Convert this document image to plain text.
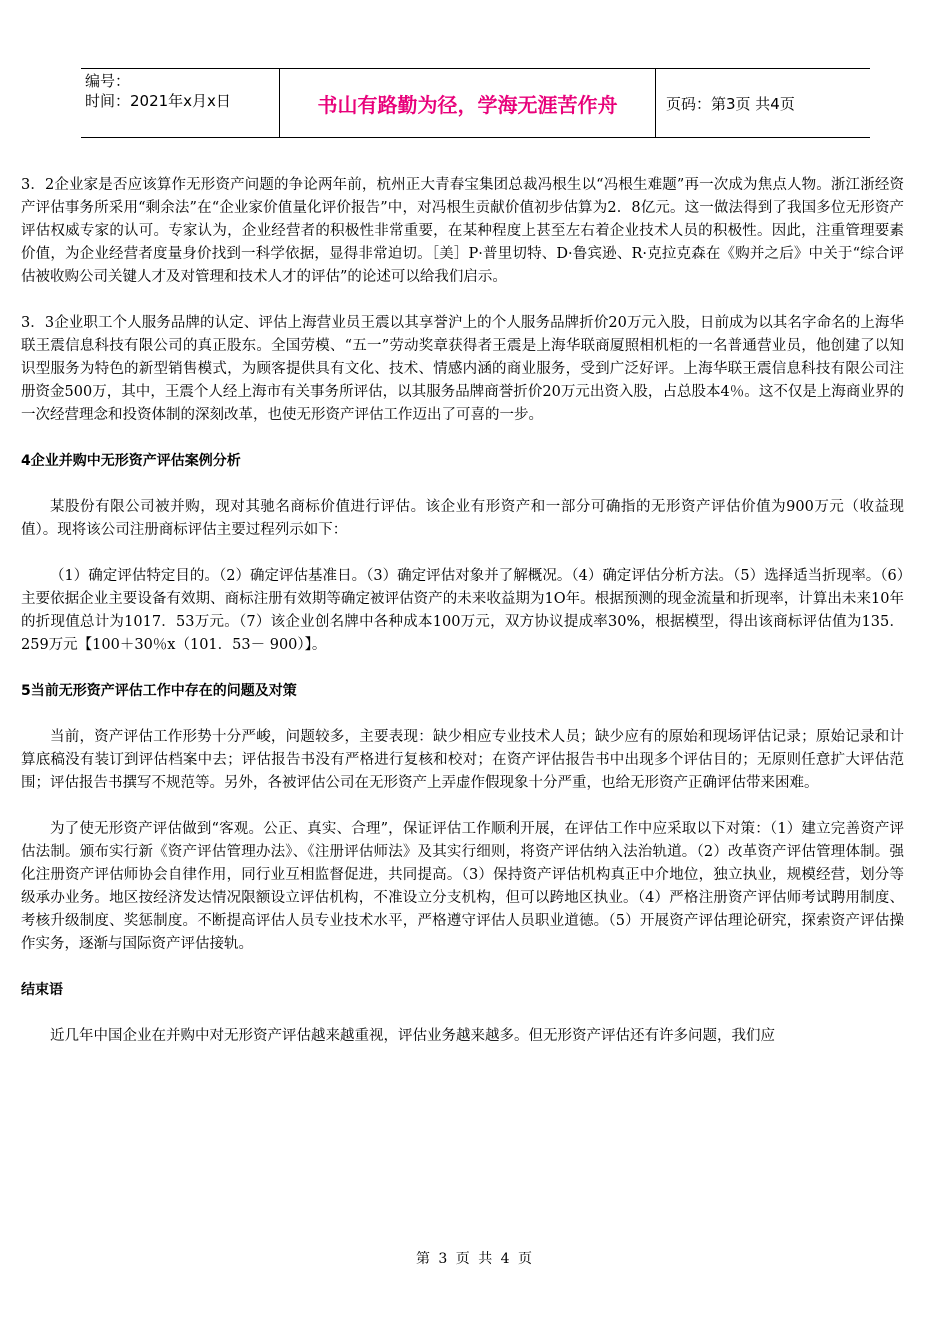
编号：
时间：2021年x月x日	书山有路勤为径，学海无涯苦作舟	页码：第3页 共4页

3．2企业家是否应该算作无形资产问题的争论两年前，杭州正大青春宝集团总裁冯根生以“冯根生难题”再一次成为焦点人物。浙江浙经资产评估事务所采用“剩余法”在“企业家价值量化评价报告”中，对冯根生贡献价值初步估算为2．8亿元。这一做法得到了我国多位无形资产评估权威专家的认可。专家认为，企业经营者的积极性非常重要，在某种程度上甚至左右着企业技术人员的积极性。因此，注重管理要素价值，为企业经营者度量身价找到一科学依据，显得非常迫切。［美］P·普里切特、D·鲁宾逊、R·克拉克森在《购并之后》中关于“综合评估被收购公司关键人才及对管理和技术人才的评估”的论述可以给我们启示。

3．3企业职工个人服务品牌的认定、评估上海营业员王震以其享誉沪上的个人服务品牌折价20万元入股，日前成为以其名字命名的上海华联王震信息科技有限公司的真正股东。全国劳模、“五一”劳动奖章获得者王震是上海华联商厦照相机柜的一名普通营业员，他创建了以知识型服务为特色的新型销售模式，为顾客提供具有文化、技术、情感内涵的商业服务，受到广泛好评。上海华联王震信息科技有限公司注册资金500万，其中，王震个人经上海市有关事务所评估，以其服务品牌商誉折价20万元出资入股，占总股本4％。这不仅是上海商业界的一次经营理念和投资体制的深刻改革，也使无形资产评估工作迈出了可喜的一步。

4企业并购中无形资产评估案例分析

某股份有限公司被并购，现对其驰名商标价值进行评估。该企业有形资产和一部分可确指的无形资产评估价值为900万元（收益现值）。现将该公司注册商标评估主要过程列示如下：

（1）确定评估特定目的。（2）确定评估基准日。（3）确定评估对象并了解概况。（4）确定评估分析方法。（5）选择适当折现率。（6）主要依据企业主要设备有效期、商标注册有效期等确定被评估资产的未来收益期为1O年。根据预测的现金流量和折现率，计算出未来10年的折现值总计为1017．53万元。（7）该企业创名牌中各种成本100万元，双方协议提成率30%，根据模型，得出该商标评估值为135．259万元【100＋30％x（101．53－ 900）】。

5当前无形资产评估工作中存在的问题及对策

当前，资产评估工作形势十分严峻，问题较多，主要表现：缺少相应专业技术人员；缺少应有的原始和现场评估记录；原始记录和计算底稿没有装订到评估档案中去；评估报告书没有严格进行复核和校对；在资产评估报告书中出现多个评估目的；无原则任意扩大评估范围；评估报告书撰写不规范等。另外，各被评估公司在无形资产上弄虚作假现象十分严重，也给无形资产正确评估带来困难。

为了使无形资产评估做到“客观。公正、真实、合理”，保证评估工作顺利开展，在评估工作中应采取以下对策：（1）建立完善资产评估法制。颁布实行新《资产评估管理办法》、《注册评估师法》及其实行细则，将资产评估纳入法治轨道。（2）改革资产评估管理体制。强化注册资产评估师协会自律作用，同行业互相监督促进，共同提高。（3）保持资产评估机构真正中介地位，独立执业，规模经营，划分等级承办业务。地区按经济发达情况限额设立评估机构，不准设立分支机构，但可以跨地区执业。（4）严格注册资产评估师考试聘用制度、考核升级制度、奖惩制度。不断提高评估人员专业技术水平，严格遵守评估人员职业道德。（5）开展资产评估理论研究，探索资产评估操作实务，逐渐与国际资产评估接轨。

结束语

近几年中国企业在并购中对无形资产评估越来越重视，评估业务越来越多。但无形资产评估还有许多问题，我们应

第 3 页 共 4 页
